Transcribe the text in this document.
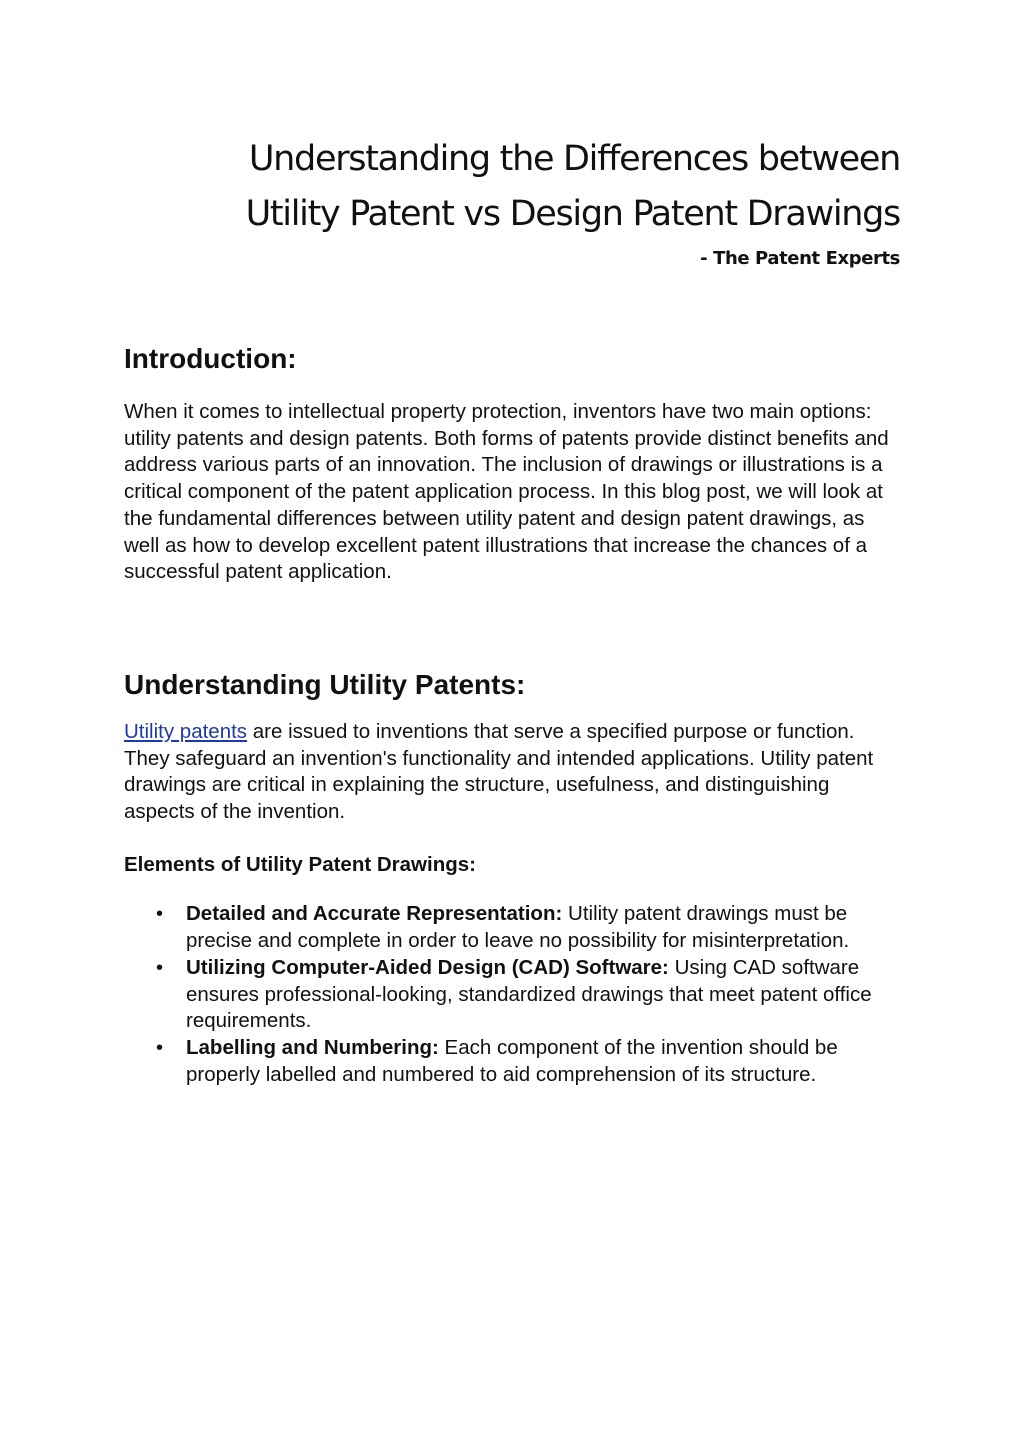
Understanding the Differences between
Utility Patent vs Design Patent Drawings
- The Patent Experts
Introduction:

When it comes to intellectual property protection, inventors have two main options: utility patents and design patents. Both forms of patents provide distinct benefits and address various parts of an innovation. The inclusion of drawings or illustrations is a critical component of the patent application process. In this blog post, we will look at the fundamental differences between utility patent and design patent drawings, as well as how to develop excellent patent illustrations that increase the chances of a successful patent application.

Understanding Utility Patents:

Utility patents are issued to inventions that serve a specified purpose or function. They safeguard an invention's functionality and intended applications. Utility patent drawings are critical in explaining the structure, usefulness, and distinguishing aspects of the invention.

Elements of Utility Patent Drawings:

• Detailed and Accurate Representation: Utility patent drawings must be precise and complete in order to leave no possibility for misinterpretation.
• Utilizing Computer-Aided Design (CAD) Software: Using CAD software ensures professional-looking, standardized drawings that meet patent office requirements.
• Labelling and Numbering: Each component of the invention should be properly labelled and numbered to aid comprehension of its structure.
